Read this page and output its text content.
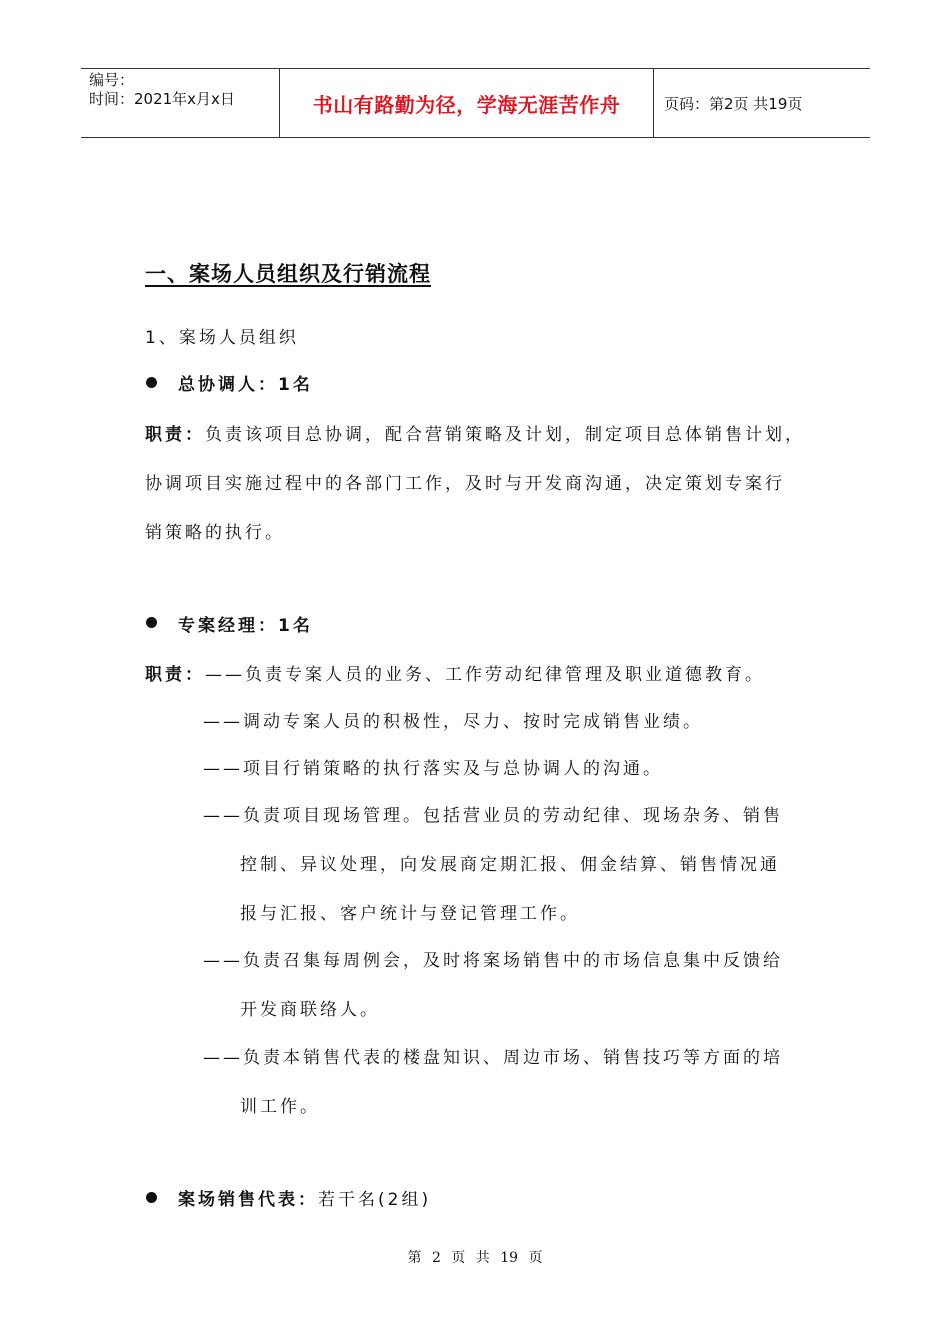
编号：
时间：2021年x月x日	书山有路勤为径，学海无涯苦作舟	页码：第2页 共19页
一、案场人员组织及行销流程
1、案场人员组织
总协调人：1名
职责：负责该项目总协调，配合营销策略及计划，制定项目总体销售计划，
协调项目实施过程中的各部门工作，及时与开发商沟通，决定策划专案行
销策略的执行。
专案经理：1名
职责：——负责专案人员的业务、工作劳动纪律管理及职业道德教育。
——调动专案人员的积极性，尽力、按时完成销售业绩。
——项目行销策略的执行落实及与总协调人的沟通。
——负责项目现场管理。包括营业员的劳动纪律、现场杂务、销售
控制、异议处理，向发展商定期汇报、佣金结算、销售情况通
报与汇报、客户统计与登记管理工作。
——负责召集每周例会，及时将案场销售中的市场信息集中反馈给
开发商联络人。
——负责本销售代表的楼盘知识、周边市场、销售技巧等方面的培
训工作。
案场销售代表：若干名(2组)
第 2 页 共 19 页
